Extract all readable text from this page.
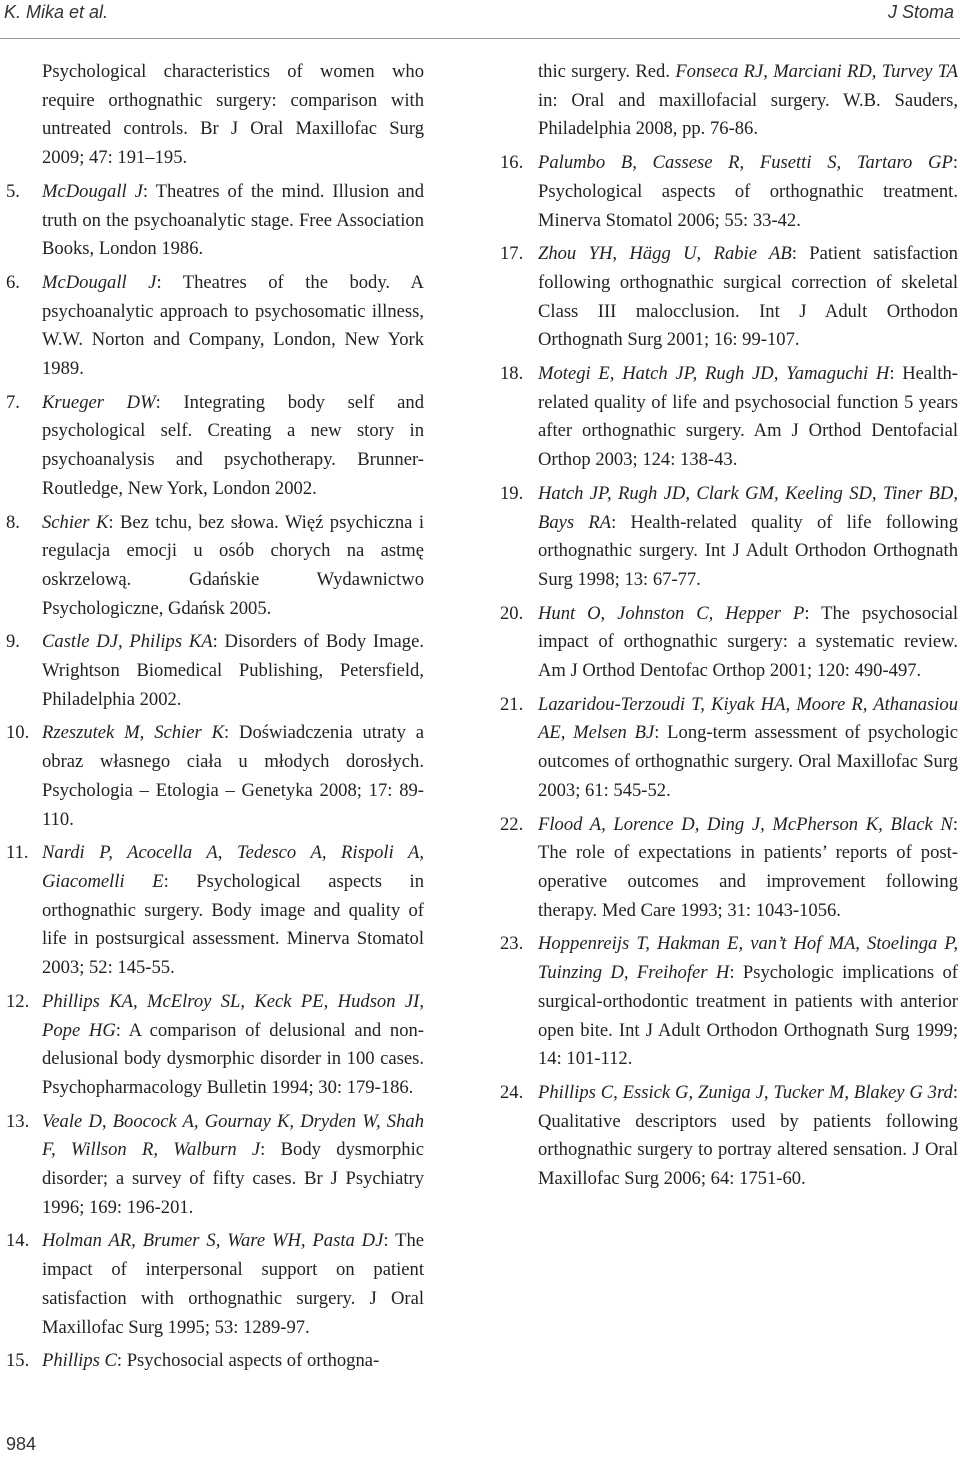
K. Mika et al.	J Stoma
Psychological characteristics of women who require orthognathic surgery: comparison with untreated controls. Br J Oral Maxillofac Surg 2009; 47: 191–195.
5.	McDougall J: Theatres of the mind. Illusion and truth on the psychoanalytic stage. Free Association Books, London 1986.
6.	McDougall J: Theatres of the body. A psychoanalytic approach to psychosomatic illness, W.W. Norton and Company, London, New York 1989.
7.	Krueger DW: Integrating body self and psychological self. Creating a new story in psychoanalysis and psychotherapy. Brunner-Routledge, New York, London 2002.
8.	Schier K: Bez tchu, bez słowa. Więź psychiczna i regulacja emocji u osób chorych na astmę oskrzelową. Gdańskie Wydawnictwo Psychologiczne, Gdańsk 2005.
9.	Castle DJ, Philips KA: Disorders of Body Image. Wrightson Biomedical Publishing, Petersfield, Philadelphia 2002.
10. Rzeszutek M, Schier K: Doświadczenia utraty a obraz własnego ciała u młodych dorosłych. Psychologia – Etologia – Genetyka 2008; 17: 89-110.
11. Nardi P, Acocella A, Tedesco A, Rispoli A, Giacomelli E: Psychological aspects in orthognathic surgery. Body image and quality of life in postsurgical assessment. Minerva Stomatol 2003; 52: 145-55.
12. Phillips KA, McElroy SL, Keck PE, Hudson JI, Pope HG: A comparison of delusional and non-delusional body dysmorphic disorder in 100 cases. Psychopharmacology Bulletin 1994; 30: 179-186.
13. Veale D, Boocock A, Gournay K, Dryden W, Shah F, Willson R, Walburn J: Body dysmorphic disorder; a survey of fifty cases. Br J Psychiatry 1996; 169: 196-201.
14. Holman AR, Brumer S, Ware WH, Pasta DJ: The impact of interpersonal support on patient satisfaction with orthognathic surgery. J Oral Maxillofac Surg 1995; 53: 1289-97.
15. Phillips C: Psychosocial aspects of orthogna-
thic surgery. Red. Fonseca RJ, Marciani RD, Turvey TA in: Oral and maxillofacial surgery. W.B. Sauders, Philadelphia 2008, pp. 76-86.
16. Palumbo B, Cassese R, Fusetti S, Tartaro GP: Psychological aspects of orthognathic treatment. Minerva Stomatol 2006; 55: 33-42.
17. Zhou YH, Hägg U, Rabie AB: Patient satisfaction following orthognathic surgical correction of skeletal Class III malocclusion. Int J Adult Orthodon Orthognath Surg 2001; 16: 99-107.
18. Motegi E, Hatch JP, Rugh JD, Yamaguchi H: Health-related quality of life and psychosocial function 5 years after orthognathic surgery. Am J Orthod Dentofacial Orthop 2003; 124: 138-43.
19. Hatch JP, Rugh JD, Clark GM, Keeling SD, Tiner BD, Bays RA: Health-related quality of life following orthognathic surgery. Int J Adult Orthodon Orthognath Surg 1998; 13: 67-77.
20. Hunt O, Johnston C, Hepper P: The psychosocial impact of orthognathic surgery: a systematic review. Am J Orthod Dentofac Orthop 2001; 120: 490-497.
21. Lazaridou-Terzoudi T, Kiyak HA, Moore R, Athanasiou AE, Melsen BJ: Long-term assessment of psychologic outcomes of orthognathic surgery. Oral Maxillofac Surg 2003; 61: 545-52.
22. Flood A, Lorence D, Ding J, McPherson K, Black N: The role of expectations in patients’ reports of post-operative outcomes and improvement following therapy. Med Care 1993; 31: 1043-1056.
23. Hoppenreijs T, Hakman E, van’t Hof MA, Stoelinga P, Tuinzing D, Freihofer H: Psychologic implications of surgical-orthodontic treatment in patients with anterior open bite. Int J Adult Orthodon Orthognath Surg 1999; 14: 101-112.
24. Phillips C, Essick G, Zuniga J, Tucker M, Blakey G 3rd: Qualitative descriptors used by patients following orthognathic surgery to portray altered sensation. J Oral Maxillofac Surg 2006; 64: 1751-60.
984
